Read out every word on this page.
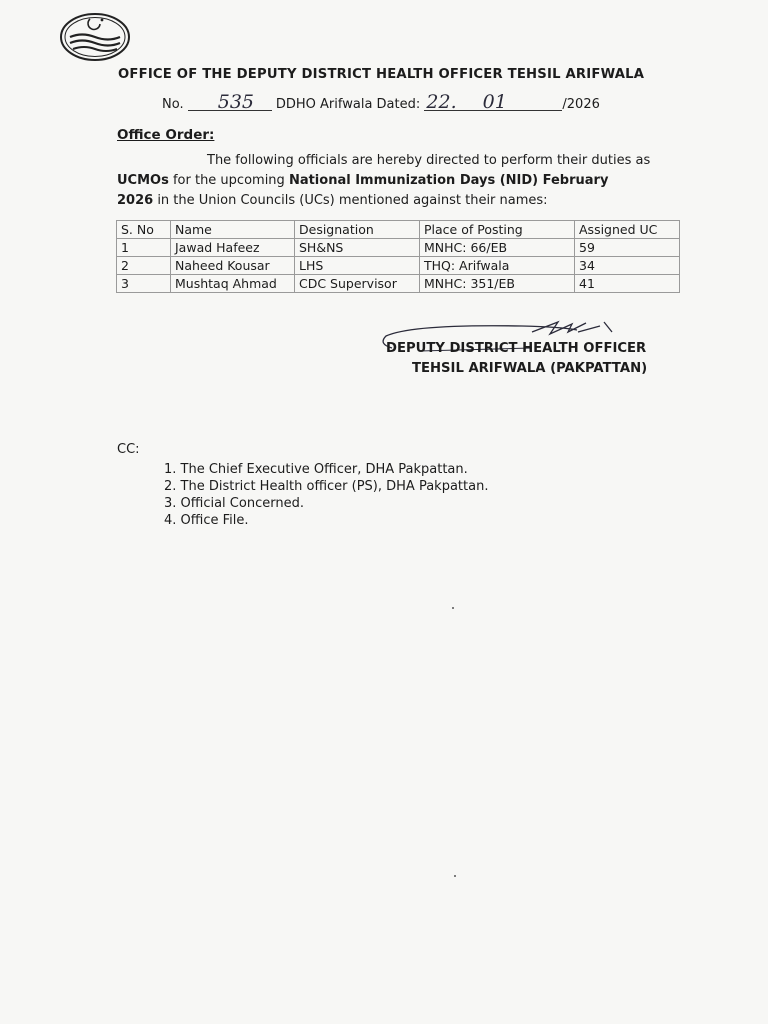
OFFICE OF THE DEPUTY DISTRICT HEALTH OFFICER TEHSIL ARIFWALA
No. 535 DDHO Arifwala Dated: 22. 01	/2026
Office Order:
The following officials are hereby directed to perform their duties as
UCMOs for the upcoming National Immunization Days (NID) February
2026 in the Union Councils (UCs) mentioned against their names:
S. No	Name	Designation	Place of Posting	Assigned UC
1	Jawad Hafeez	SH&NS	MNHC: 66/EB	59
2	Naheed Kousar	LHS	THQ: Arifwala	34
3	Mushtaq Ahmad	CDC Supervisor	MNHC: 351/EB	41
DEPUTY DISTRICT HEALTH OFFICER
TEHSIL ARIFWALA (PAKPATTAN)
CC:
1. The Chief Executive Officer, DHA Pakpattan.
2. The District Health officer (PS), DHA Pakpattan.
3. Official Concerned.
4. Office File.
